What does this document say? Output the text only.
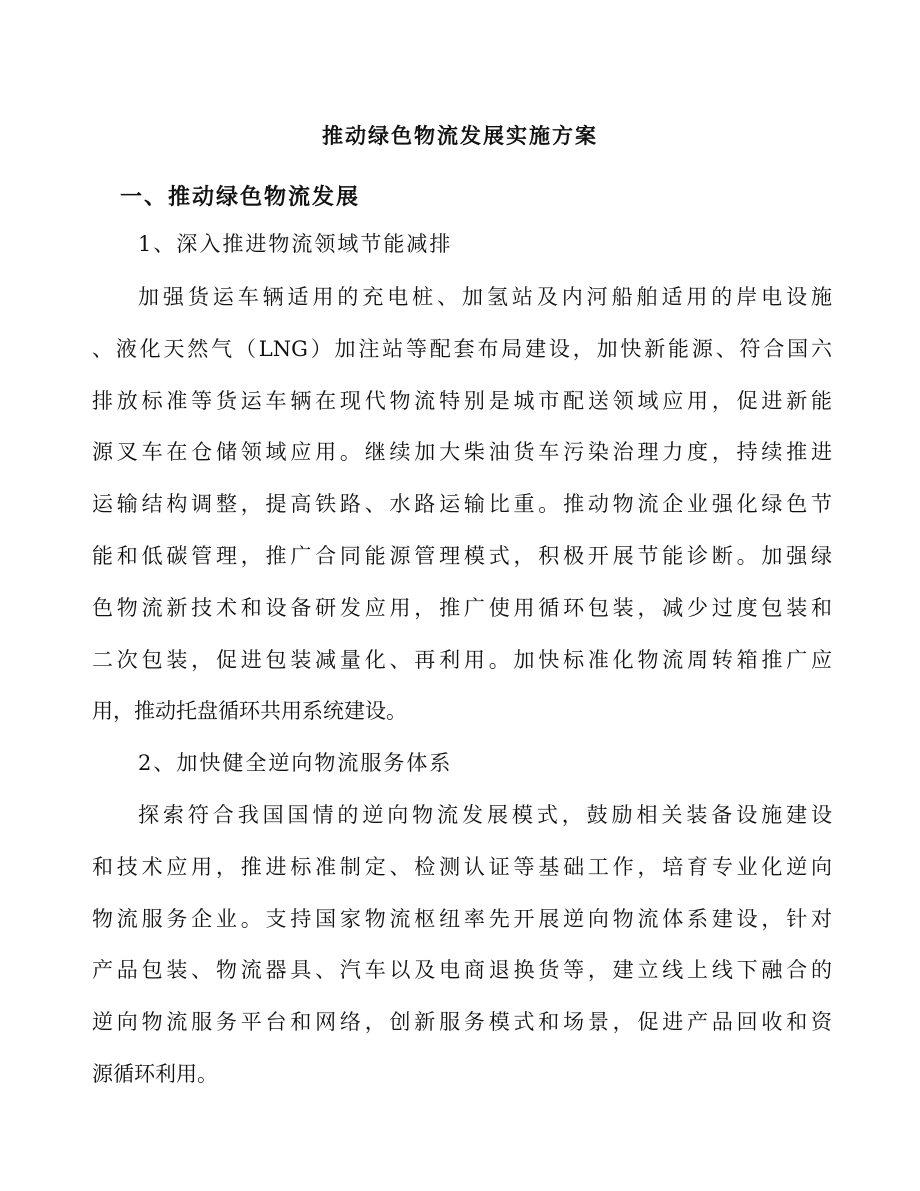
推动绿色物流发展实施方案
一、推动绿色物流发展
1、深入推进物流领域节能减排
加强货运车辆适用的充电桩、加氢站及内河船舶适用的岸电设施
、液化天然气（LNG）加注站等配套布局建设，加快新能源、符合国六
排放标准等货运车辆在现代物流特别是城市配送领域应用，促进新能
源叉车在仓储领域应用。继续加大柴油货车污染治理力度，持续推进
运输结构调整，提高铁路、水路运输比重。推动物流企业强化绿色节
能和低碳管理，推广合同能源管理模式，积极开展节能诊断。加强绿
色物流新技术和设备研发应用，推广使用循环包装，减少过度包装和
二次包装，促进包装减量化、再利用。加快标准化物流周转箱推广应
用，推动托盘循环共用系统建设。
2、加快健全逆向物流服务体系
探索符合我国国情的逆向物流发展模式，鼓励相关装备设施建设
和技术应用，推进标准制定、检测认证等基础工作，培育专业化逆向
物流服务企业。支持国家物流枢纽率先开展逆向物流体系建设，针对
产品包装、物流器具、汽车以及电商退换货等，建立线上线下融合的
逆向物流服务平台和网络，创新服务模式和场景，促进产品回收和资
源循环利用。
